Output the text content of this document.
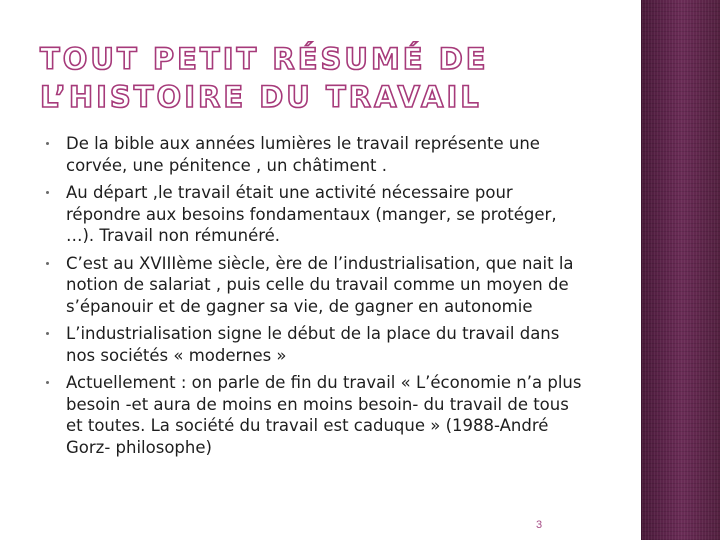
TOUT PETIT RÉSUMÉ DE L’HISTOIRE DU TRAVAIL
De la bible aux années lumières le travail représente une corvée, une pénitence , un châtiment .
Au départ ,le travail était une activité nécessaire pour répondre aux besoins fondamentaux (manger, se protéger, …). Travail non rémunéré.
C’est au XVIIIème siècle, ère de l’industrialisation, que nait la notion de salariat , puis celle du travail comme un moyen de s’épanouir et de gagner sa vie, de gagner en autonomie
L’industrialisation signe le début de la place du travail dans nos sociétés « modernes »
Actuellement : on parle de fin du travail « L’économie n’a plus besoin -et aura de moins en moins besoin- du travail de tous et toutes. La société du travail est caduque » (1988-André Gorz- philosophe)
3
